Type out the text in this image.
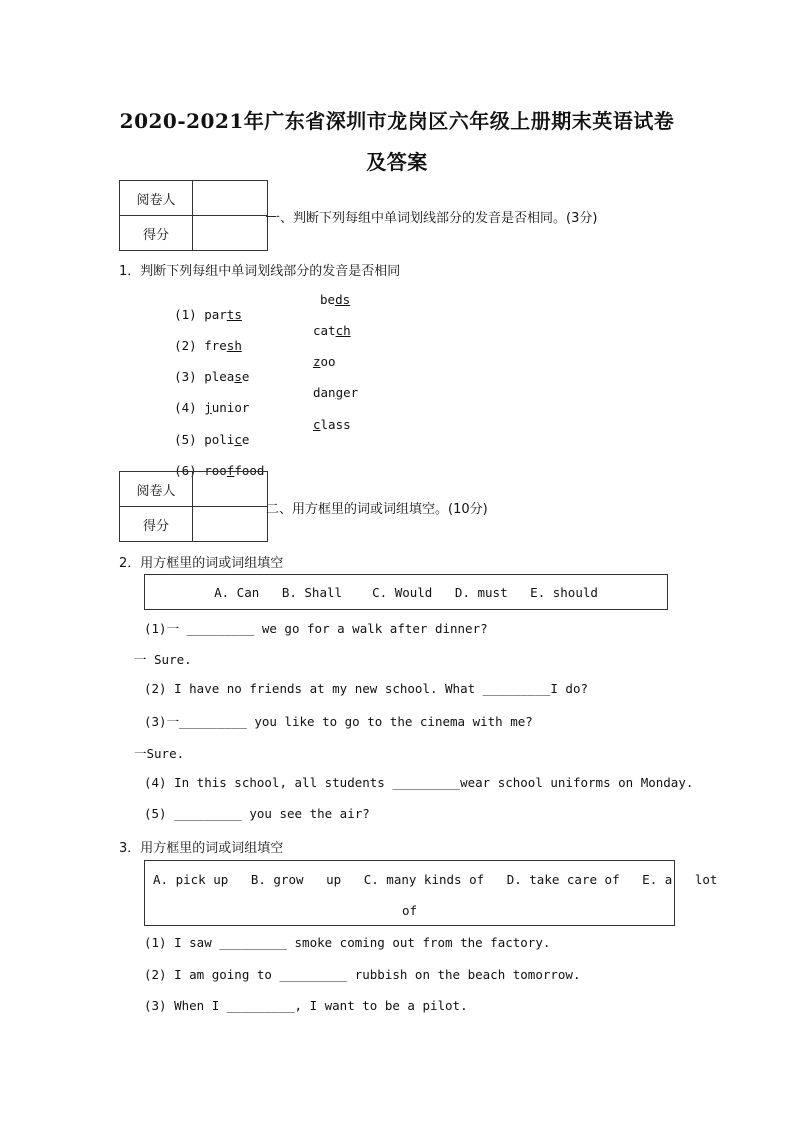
2020-2021年广东省深圳市龙岗区六年级上册期末英语试卷
及答案
阅卷人	
得分	
一、判断下列每组中单词划线部分的发音是否相同。(3分)
1．判断下列每组中单词划线部分的发音是否相同

(1) parts

beds

(2) fresh

catch

(3) please

zoo

(4) junior

danger

(5) police

class

(6) rooffood

阅卷人	
得分	
二、用方框里的词或词组填空。(10分)
2．用方框里的词或词组填空
A. Can   B. Shall    C. Would   D. must   E. should
(1)一 _________ we go for a walk after dinner?
一 Sure.
(2) I have no friends at my new school. What _________I do?
(3)一_________ you like to go to the cinema with me?
一Sure.
(4) In this school, all students _________wear school uniforms on Monday.
(5) _________ you see the air?
3．用方框里的词或词组填空
A. pick up   B. grow   up   C. many kinds of   D. take care of   E. a   lot
of
(1) I saw _________ smoke coming out from the factory.
(2) I am going to _________ rubbish on the beach tomorrow.
(3) When I _________, I want to be a pilot.
